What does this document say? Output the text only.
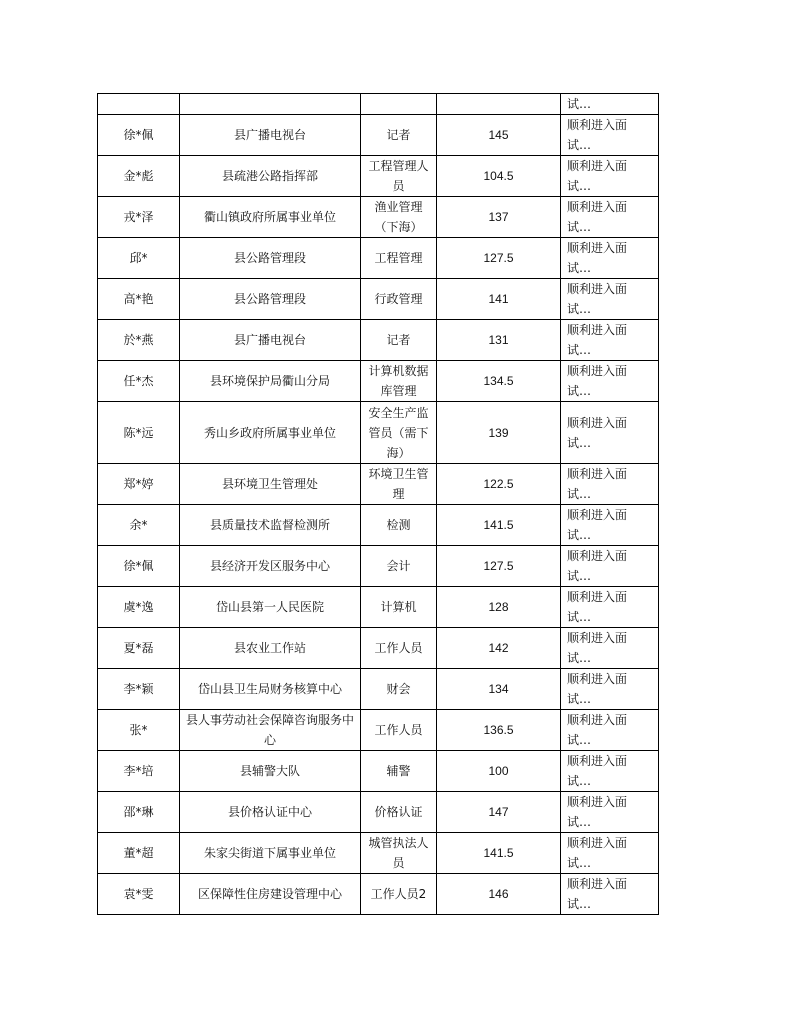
				试…
徐*佩	县广播电视台	记者	145	顺利进入面试…
金*彪	县疏港公路指挥部	工程管理人员	104.5	顺利进入面试…
戎*泽	衢山镇政府所属事业单位	渔业管理（下海）	137	顺利进入面试…
邱*	县公路管理段	工程管理	127.5	顺利进入面试…
高*艳	县公路管理段	行政管理	141	顺利进入面试…
於*燕	县广播电视台	记者	131	顺利进入面试…
任*杰	县环境保护局衢山分局	计算机数据库管理	134.5	顺利进入面试…
陈*远	秀山乡政府所属事业单位	安全生产监管员（需下海）	139	顺利进入面试…
郑*婷	县环境卫生管理处	环境卫生管理	122.5	顺利进入面试…
余*	县质量技术监督检测所	检测	141.5	顺利进入面试…
徐*佩	县经济开发区服务中心	会计	127.5	顺利进入面试…
虞*逸	岱山县第一人民医院	计算机	128	顺利进入面试…
夏*磊	县农业工作站	工作人员	142	顺利进入面试…
李*颖	岱山县卫生局财务核算中心	财会	134	顺利进入面试…
张*	县人事劳动社会保障咨询服务中心	工作人员	136.5	顺利进入面试…
李*培	县辅警大队	辅警	100	顺利进入面试…
邵*琳	县价格认证中心	价格认证	147	顺利进入面试…
董*超	朱家尖街道下属事业单位	城管执法人员	141.5	顺利进入面试…
袁*雯	区保障性住房建设管理中心	工作人员2	146	顺利进入面试…
